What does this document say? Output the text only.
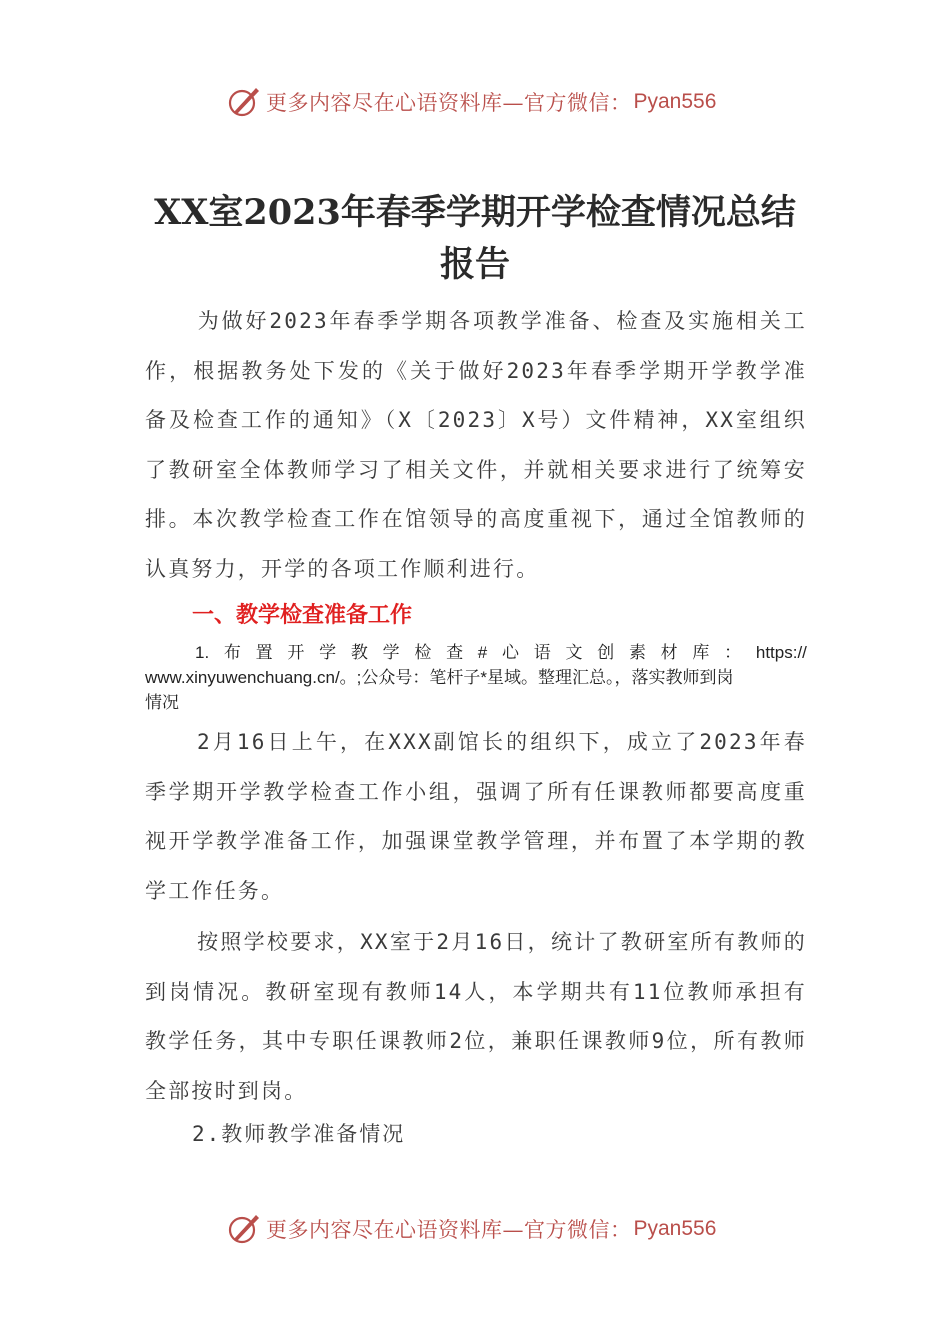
更多内容尽在心语资料库—官方微信： Pyan556
XX室2023年春季学期开学检查情况总结报告

为做好2023年春季学期各项教学准备、检查及实施相关工作，根据教务处下发的《关于做好2023年春季学期开学教学准备及检查工作的通知》（X〔2023〕X号）文件精神，XX室组织了教研室全体教师学习了相关文件，并就相关要求进行了统筹安排。本次教学检查工作在馆领导的高度重视下，通过全馆教师的认真努力，开学的各项工作顺利进行。

一、教学检查准备工作
1. 布 置 开 学 教 学 检 查 # 心 语 文 创 素 材 库 ： https://
www.xinyuwenchuang.cn/。;公众号：笔杆子*星域。整理汇总。，落实教师到岗
情况

2月16日上午，在XXX副馆长的组织下，成立了2023年春季学期开学教学检查工作小组，强调了所有任课教师都要高度重视开学教学准备工作，加强课堂教学管理，并布置了本学期的教学工作任务。

按照学校要求，XX室于2月16日，统计了教研室所有教师的到岗情况。教研室现有教师14人，本学期共有11位教师承担有教学任务，其中专职任课教师2位，兼职任课教师9位，所有教师全部按时到岗。

2.教师教学准备情况

更多内容尽在心语资料库—官方微信： Pyan556
